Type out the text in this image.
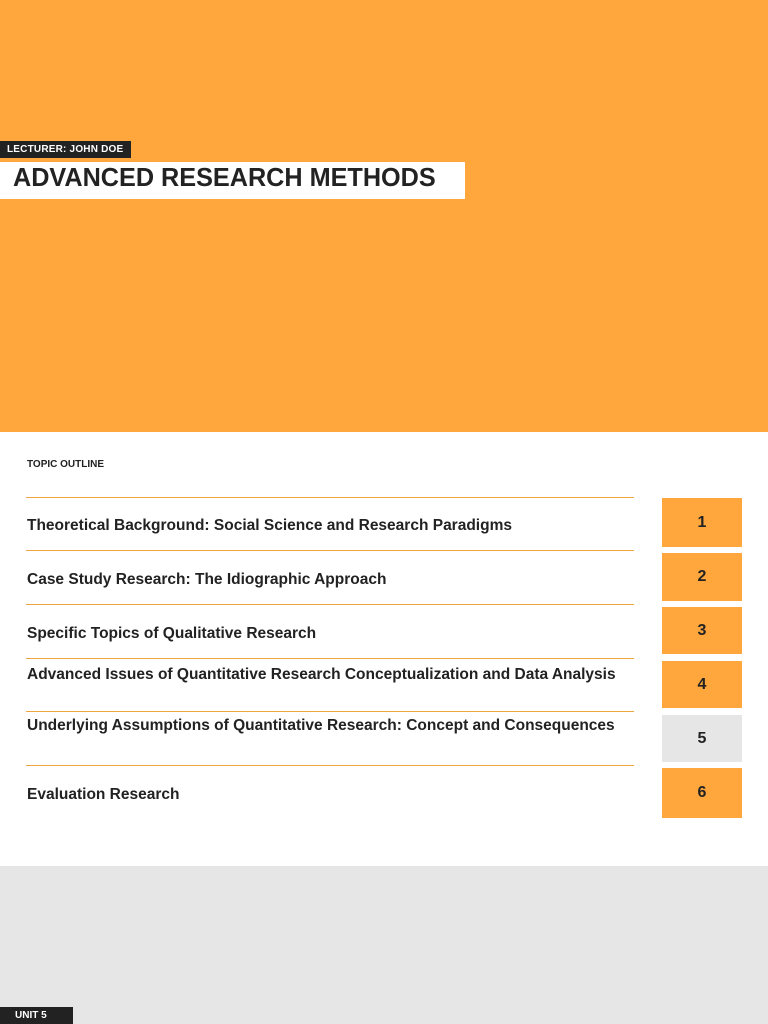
LECTURER: JOHN DOE
ADVANCED RESEARCH METHODS
TOPIC OUTLINE
Theoretical Background: Social Science and Research Paradigms
Case Study Research: The Idiographic Approach
Specific Topics of Qualitative Research
Advanced Issues of Quantitative Research Conceptualization and Data Analysis
Underlying Assumptions of Quantitative Research: Concept and Consequences
Evaluation Research
1
2
3
4
5
6
UNIT 5
